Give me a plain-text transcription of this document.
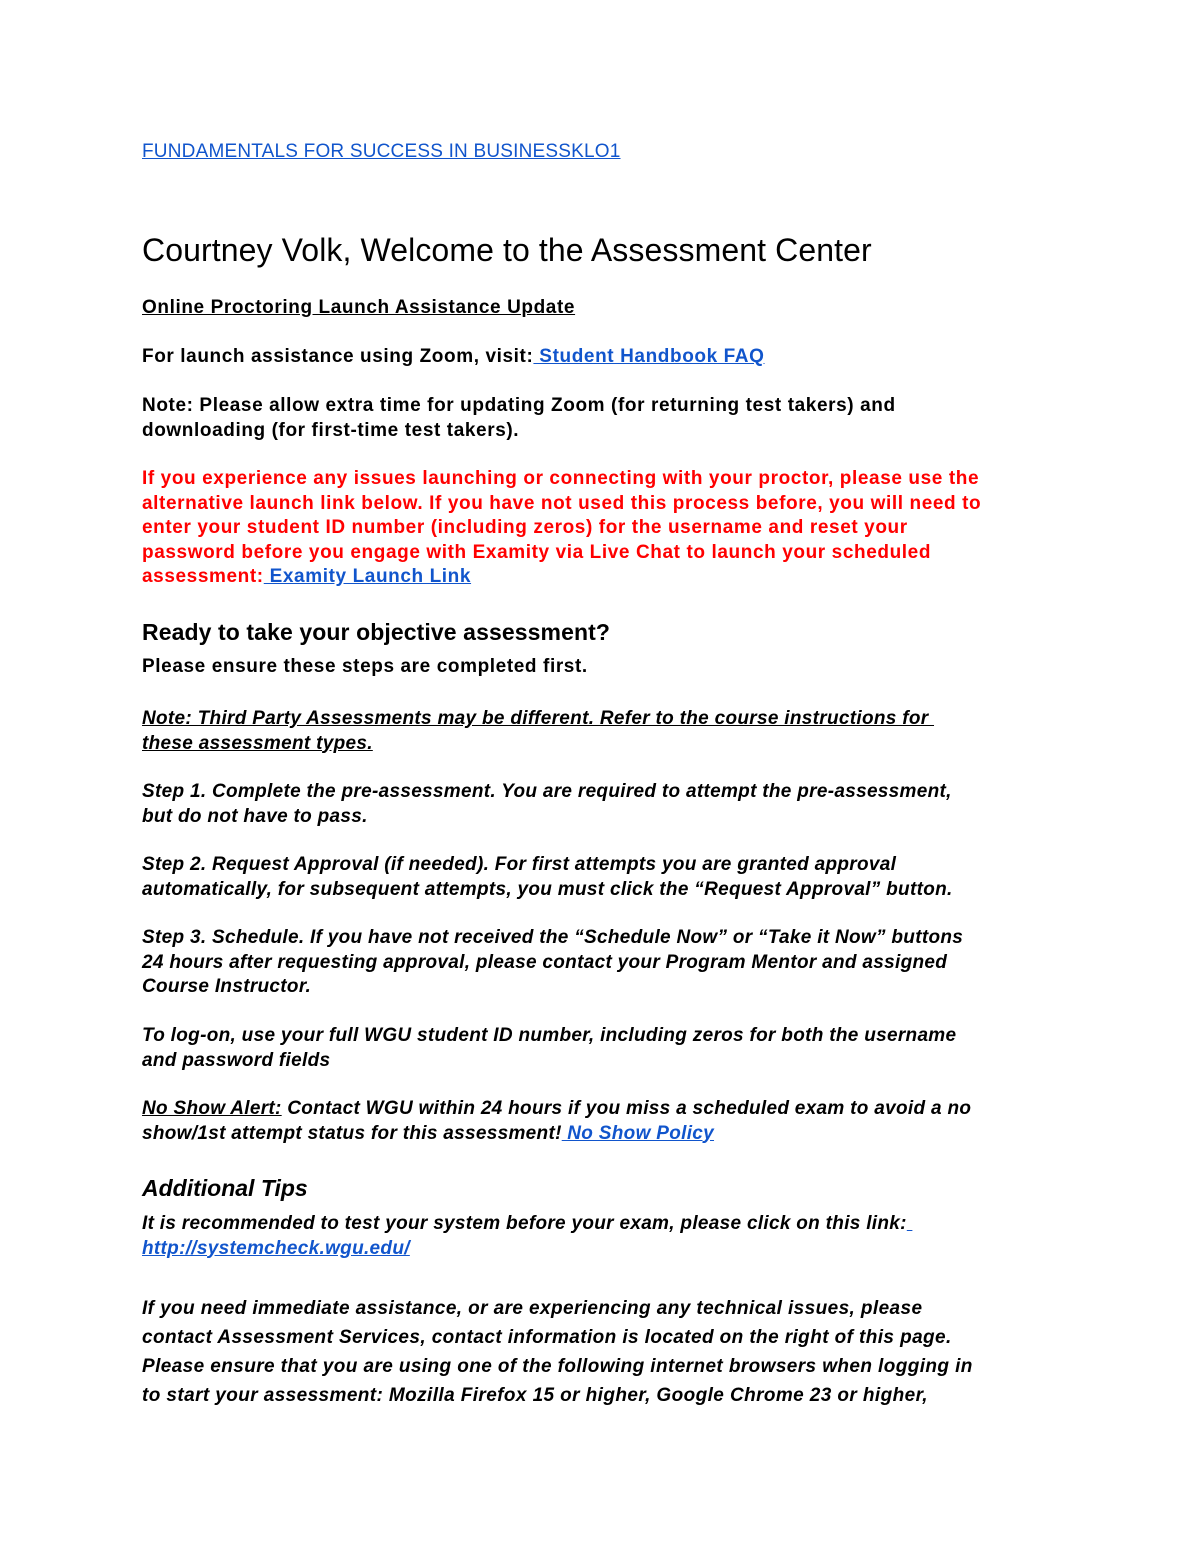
FUNDAMENTALS FOR SUCCESS IN BUSINESSKLO1
Courtney Volk, Welcome to the Assessment Center
Online Proctoring Launch Assistance Update
For launch assistance using Zoom, visit: Student Handbook FAQ
Note: Please allow extra time for updating Zoom (for returning test takers) and
downloading (for first-time test takers).
If you experience any issues launching or connecting with your proctor, please use the
alternative launch link below. If you have not used this process before, you will need to
enter your student ID number (including zeros) for the username and reset your
password before you engage with Examity via Live Chat to launch your scheduled
assessment: Examity Launch Link
Ready to take your objective assessment?
Please ensure these steps are completed first.
Note: Third Party Assessments may be different. Refer to the course instructions for
these assessment types.
Step 1. Complete the pre-assessment. You are required to attempt the pre-assessment,
but do not have to pass.
Step 2. Request Approval (if needed). For first attempts you are granted approval
automatically, for subsequent attempts, you must click the “Request Approval” button.
Step 3. Schedule. If you have not received the “Schedule Now” or “Take it Now” buttons
24 hours after requesting approval, please contact your Program Mentor and assigned
Course Instructor.
To log-on, use your full WGU student ID number, including zeros for both the username
and password fields
No Show Alert: Contact WGU within 24 hours if you miss a scheduled exam to avoid a no
show/1st attempt status for this assessment! No Show Policy
Additional Tips
It is recommended to test your system before your exam, please click on this link:
http://systemcheck.wgu.edu/
If you need immediate assistance, or are experiencing any technical issues, please
contact Assessment Services, contact information is located on the right of this page.
Please ensure that you are using one of the following internet browsers when logging in
to start your assessment: Mozilla Firefox 15 or higher, Google Chrome 23 or higher,
